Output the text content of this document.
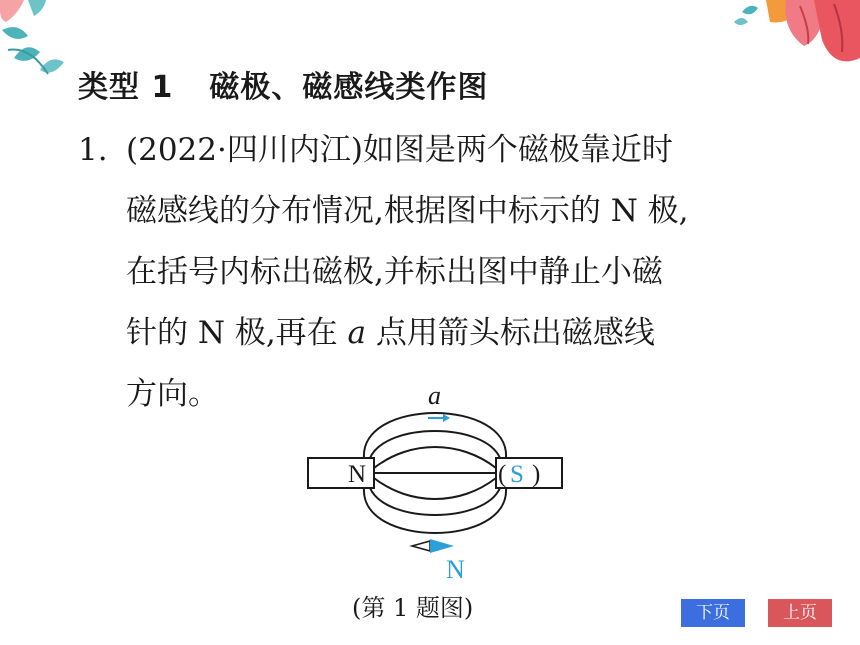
类型 1 磁极、磁感线类作图
1. (2022·四川内江)如图是两个磁极靠近时
磁感线的分布情况,根据图中标示的 N 极,
在括号内标出磁极,并标出图中静止小磁
针的 N 极,再在 a 点用箭头标出磁感线
方向。	a
N	( S )
N
(第 1 题图)	下页	上页
